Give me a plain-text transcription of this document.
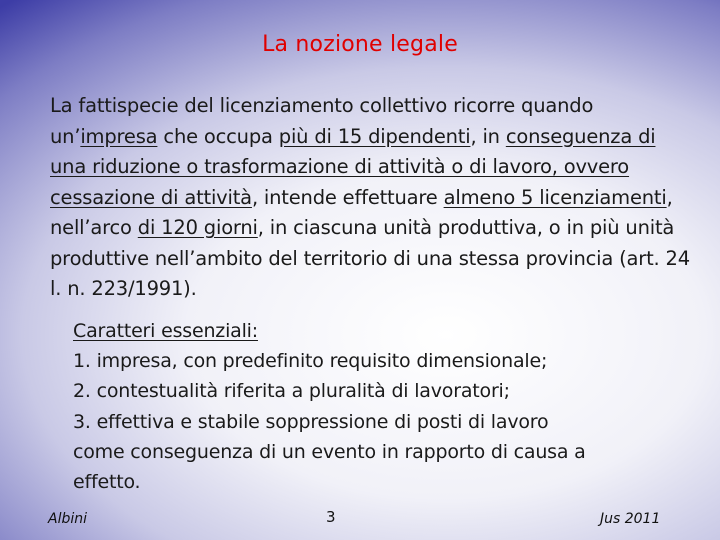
La nozione legale

La fattispecie del licenziamento collettivo ricorre quando un’impresa che occupa più di 15 dipendenti, in conseguenza di una riduzione o trasformazione di attività o di lavoro, ovvero cessazione di attività, intende effettuare almeno 5 licenziamenti, nell’arco di 120 giorni, in ciascuna unità produttiva, o in più unità produttive nell’ambito del territorio di una stessa provincia (art. 24 l. n. 223/1991).

Caratteri essenziali:
1. impresa, con predefinito requisito dimensionale;
2. contestualità riferita a pluralità di lavoratori;
3. effettiva e stabile soppressione di posti di lavoro
come conseguenza di un evento in rapporto di causa a
effetto.
Albini	3	Jus 2011
